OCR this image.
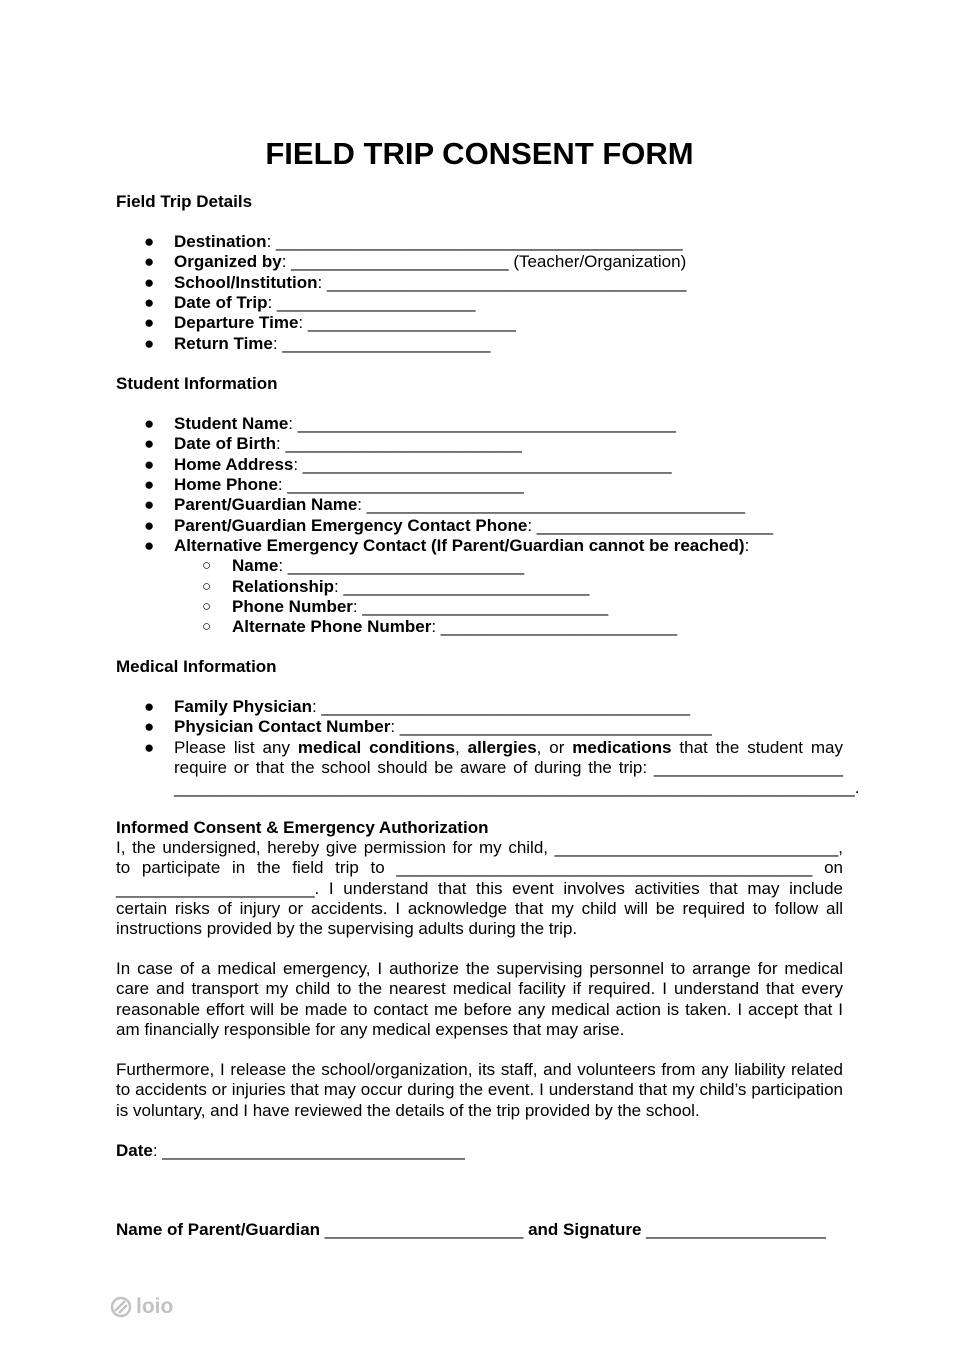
FIELD TRIP CONSENT FORM
Field Trip Details
● Destination: ___________________________________________
● Organized by: _______________________ (Teacher/Organization)
● School/Institution: ______________________________________
● Date of Trip: _____________________
● Departure Time: ______________________
● Return Time: ______________________
Student Information
● Student Name: ________________________________________
● Date of Birth: _________________________
● Home Address: _______________________________________
● Home Phone: _________________________
● Parent/Guardian Name: ________________________________________
● Parent/Guardian Emergency Contact Phone: _________________________
● Alternative Emergency Contact (If Parent/Guardian cannot be reached):
○ Name: _________________________
○ Relationship: __________________________
○ Phone Number: __________________________
○ Alternate Phone Number: _________________________
Medical Information
● Family Physician: _______________________________________
● Physician Contact Number: _________________________________
● Please list any medical conditions, allergies, or medications that the student may
require or that the school should be aware of during the trip: ____________________
________________________________________________________________________.
Informed Consent & Emergency Authorization
I, the undersigned, hereby give permission for my child, ______________________________,
to participate in the field trip to ____________________________________________ on
_____________________. I understand that this event involves activities that may include
certain risks of injury or accidents. I acknowledge that my child will be required to follow all
instructions provided by the supervising adults during the trip.
In case of a medical emergency, I authorize the supervising personnel to arrange for medical care and transport my child to the nearest medical facility if required. I understand that every reasonable effort will be made to contact me before any medical action is taken. I accept that I am financially responsible for any medical expenses that may arise.
Furthermore, I release the school/organization, its staff, and volunteers from any liability related to accidents or injuries that may occur during the event. I understand that my child’s participation is voluntary, and I have reviewed the details of the trip provided by the school.
Date: ________________________________
Name of Parent/Guardian _____________________ and Signature ___________________
loio
